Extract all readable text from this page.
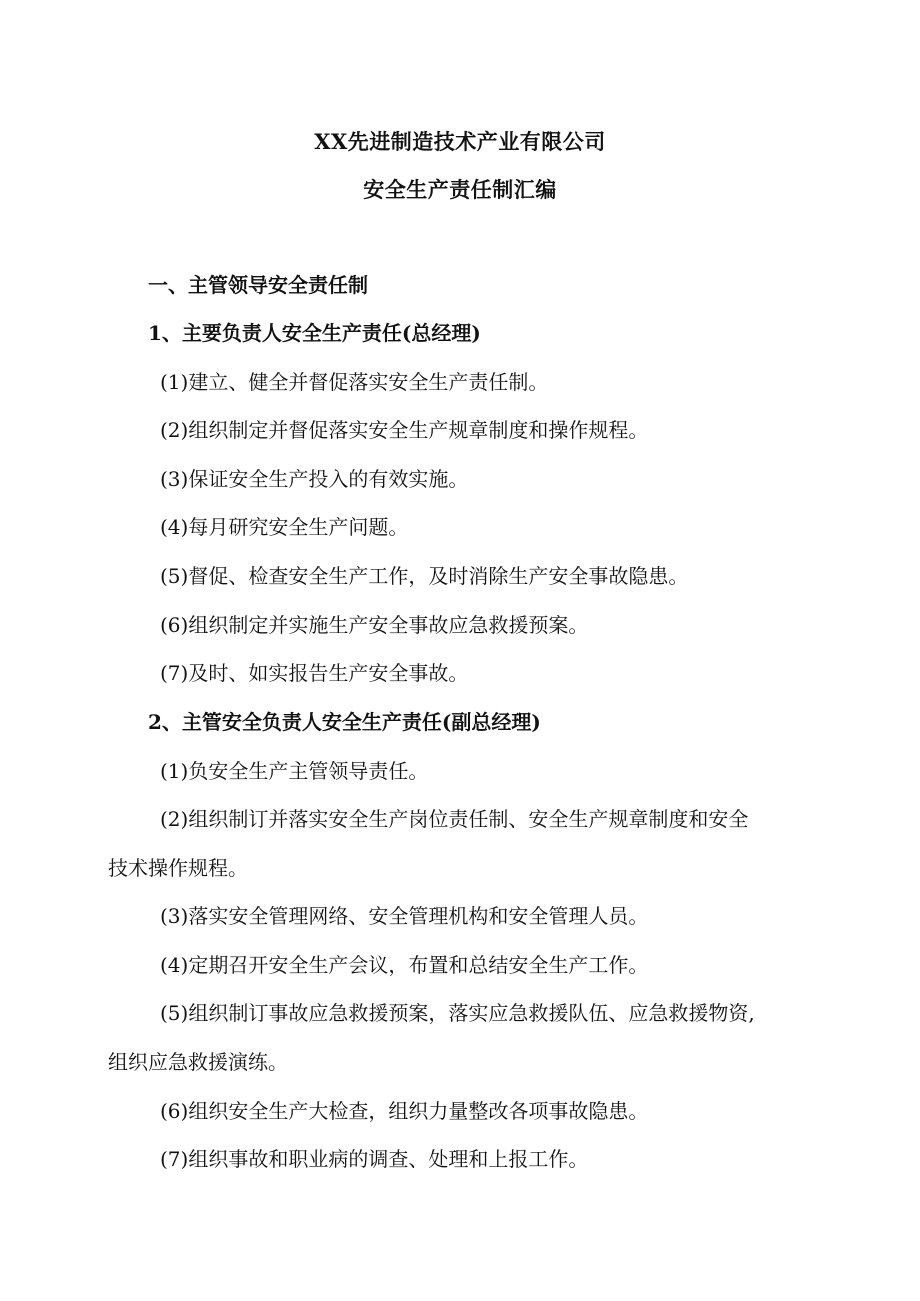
XX先进制造技术产业有限公司
安全生产责任制汇编
一、主管领导安全责任制
1、主要负责人安全生产责任(总经理)
(1)建立、健全并督促落实安全生产责任制。
(2)组织制定并督促落实安全生产规章制度和操作规程。
(3)保证安全生产投入的有效实施。
(4)每月研究安全生产问题。
(5)督促、检查安全生产工作，及时消除生产安全事故隐患。
(6)组织制定并实施生产安全事故应急救援预案。
(7)及时、如实报告生产安全事故。
2、主管安全负责人安全生产责任(副总经理)
(1)负安全生产主管领导责任。
(2)组织制订并落实安全生产岗位责任制、安全生产规章制度和安全
技术操作规程。
(3)落实安全管理网络、安全管理机构和安全管理人员。
(4)定期召开安全生产会议，布置和总结安全生产工作。
(5)组织制订事故应急救援预案，落实应急救援队伍、应急救援物资,
组织应急救援演练。
(6)组织安全生产大检查，组织力量整改各项事故隐患。
(7)组织事故和职业病的调查、处理和上报工作。
